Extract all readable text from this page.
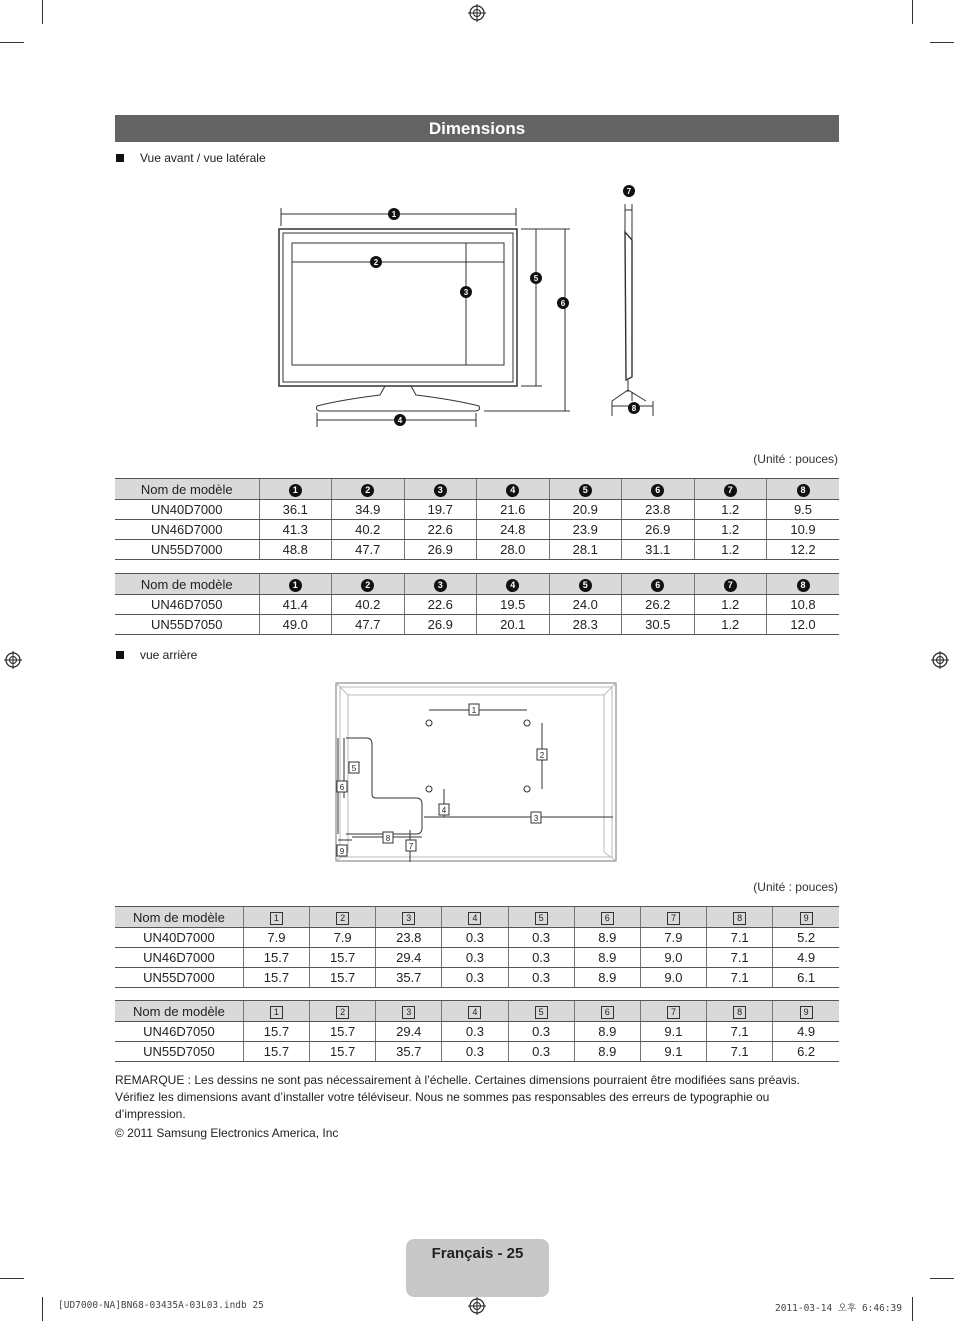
Dimensions
Vue avant / vue latérale
1
2
3
4
5
6
7
8
(Unité : pouces)
Nom de modèle	1	2	3	4	5	6	7	8
UN40D7000	36.1	34.9	19.7	21.6	20.9	23.8	1.2	9.5
UN46D7000	41.3	40.2	22.6	24.8	23.9	26.9	1.2	10.9
UN55D7000	48.8	47.7	26.9	28.0	28.1	31.1	1.2	12.2
Nom de modèle	1	2	3	4	5	6	7	8
UN46D7050	41.4	40.2	22.6	19.5	24.0	26.2	1.2	10.8
UN55D7050	49.0	47.7	26.9	20.1	28.3	30.5	1.2	12.0
vue arrière
1
2
3
4
5
6
7
8
9
(Unité : pouces)
Nom de modèle	1	2	3	4	5	6	7	8	9
UN40D7000	7.9	7.9	23.8	0.3	0.3	8.9	7.9	7.1	5.2
UN46D7000	15.7	15.7	29.4	0.3	0.3	8.9	9.0	7.1	4.9
UN55D7000	15.7	15.7	35.7	0.3	0.3	8.9	9.0	7.1	6.1
Nom de modèle	1	2	3	4	5	6	7	8	9
UN46D7050	15.7	15.7	29.4	0.3	0.3	8.9	9.1	7.1	4.9
UN55D7050	15.7	15.7	35.7	0.3	0.3	8.9	9.1	7.1	6.2
REMARQUE : Les dessins ne sont pas nécessairement à l’échelle. Certaines dimensions pourraient être modifiées sans préavis. Vérifiez les dimensions avant d’installer votre téléviseur. Nous ne sommes pas responsables des erreurs de typographie ou d’impression.
© 2011 Samsung Electronics America, Inc
Français - 25
[UD7000-NA]BN68-03435A-03L03.indb 25	2011-03-14 오후 6:46:39
